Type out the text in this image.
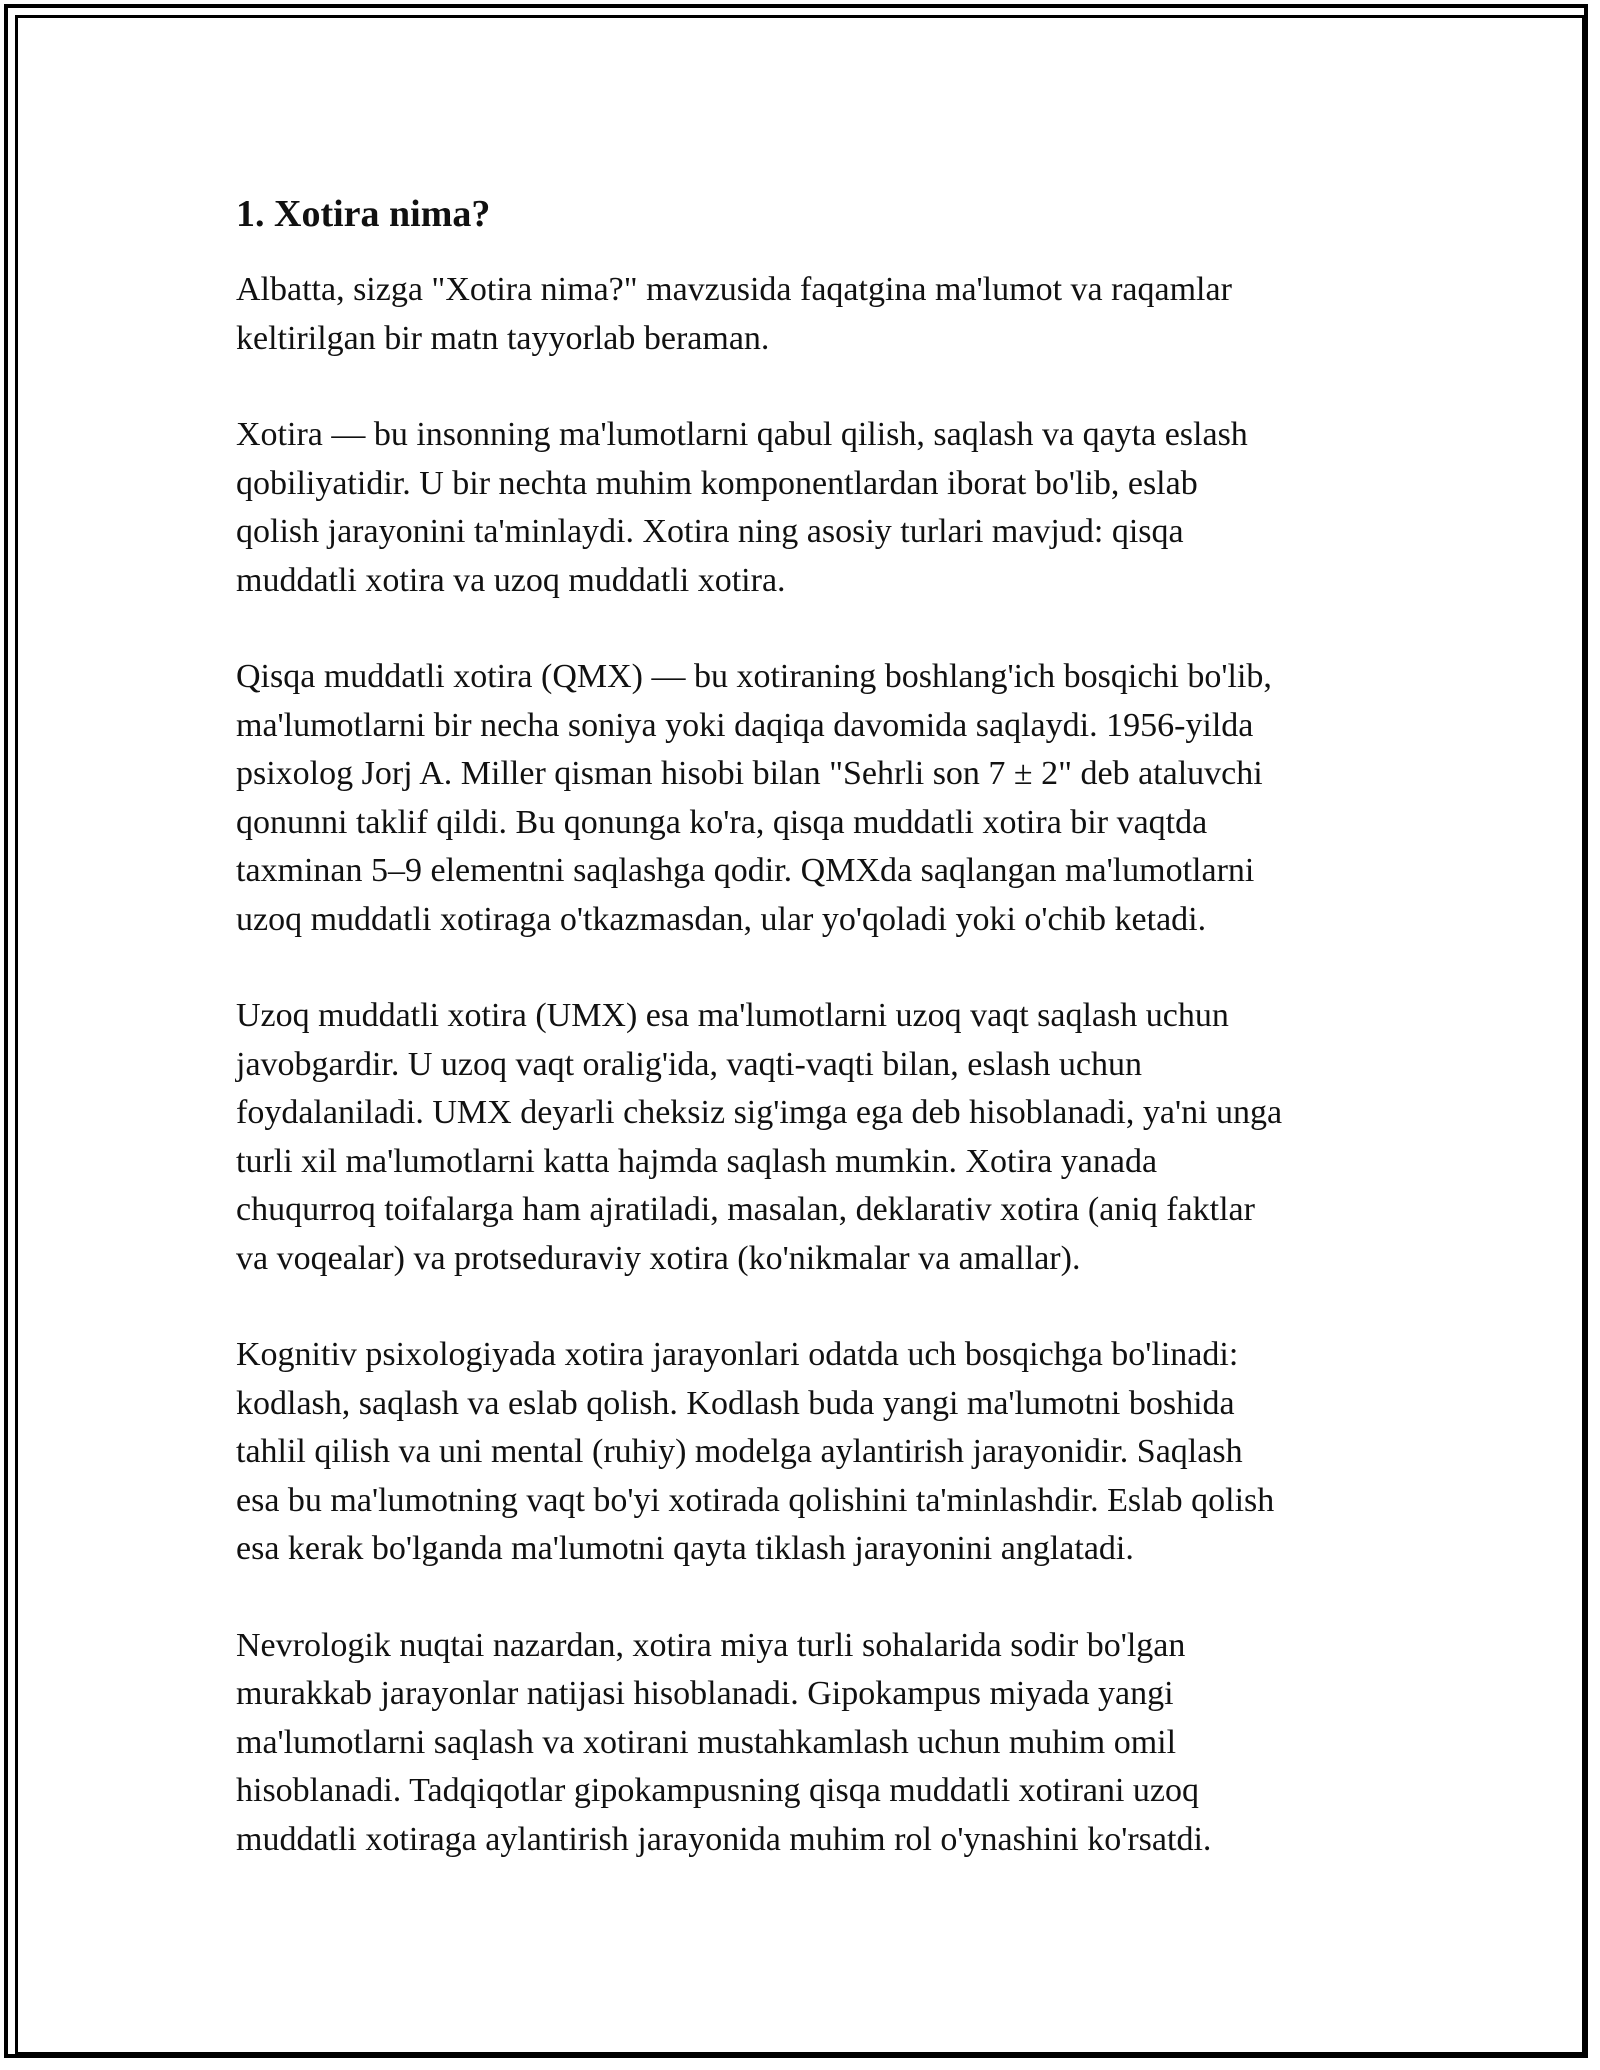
1. Xotira nima?

Albatta, sizga "Xotira nima?" mavzusida faqatgina ma'lumot va raqamlar
keltirilgan bir matn tayyorlab beraman.

Xotira — bu insonning ma'lumotlarni qabul qilish, saqlash va qayta eslash
qobiliyatidir. U bir nechta muhim komponentlardan iborat bo'lib, eslab
qolish jarayonini ta'minlaydi. Xotira ning asosiy turlari mavjud: qisqa
muddatli xotira va uzoq muddatli xotira.

Qisqa muddatli xotira (QMX) — bu xotiraning boshlang'ich bosqichi bo'lib,
ma'lumotlarni bir necha soniya yoki daqiqa davomida saqlaydi. 1956-yilda
psixolog Jorj A. Miller qisman hisobi bilan "Sehrli son 7 ± 2" deb ataluvchi
qonunni taklif qildi. Bu qonunga ko'ra, qisqa muddatli xotira bir vaqtda
taxminan 5–9 elementni saqlashga qodir. QMXda saqlangan ma'lumotlarni
uzoq muddatli xotiraga o'tkazmasdan, ular yo'qoladi yoki o'chib ketadi.

Uzoq muddatli xotira (UMX) esa ma'lumotlarni uzoq vaqt saqlash uchun
javobgardir. U uzoq vaqt oralig'ida, vaqti-vaqti bilan, eslash uchun
foydalaniladi. UMX deyarli cheksiz sig'imga ega deb hisoblanadi, ya'ni unga
turli xil ma'lumotlarni katta hajmda saqlash mumkin. Xotira yanada
chuqurroq toifalarga ham ajratiladi, masalan, deklarativ xotira (aniq faktlar
va voqealar) va protseduraviy xotira (ko'nikmalar va amallar).

Kognitiv psixologiyada xotira jarayonlari odatda uch bosqichga bo'linadi:
kodlash, saqlash va eslab qolish. Kodlash buda yangi ma'lumotni boshida
tahlil qilish va uni mental (ruhiy) modelga aylantirish jarayonidir. Saqlash
esa bu ma'lumotning vaqt bo'yi xotirada qolishini ta'minlashdir. Eslab qolish
esa kerak bo'lganda ma'lumotni qayta tiklash jarayonini anglatadi.

Nevrologik nuqtai nazardan, xotira miya turli sohalarida sodir bo'lgan
murakkab jarayonlar natijasi hisoblanadi. Gipokampus miyada yangi
ma'lumotlarni saqlash va xotirani mustahkamlash uchun muhim omil
hisoblanadi. Tadqiqotlar gipokampusning qisqa muddatli xotirani uzoq
muddatli xotiraga aylantirish jarayonida muhim rol o'ynashini ko'rsatdi.
